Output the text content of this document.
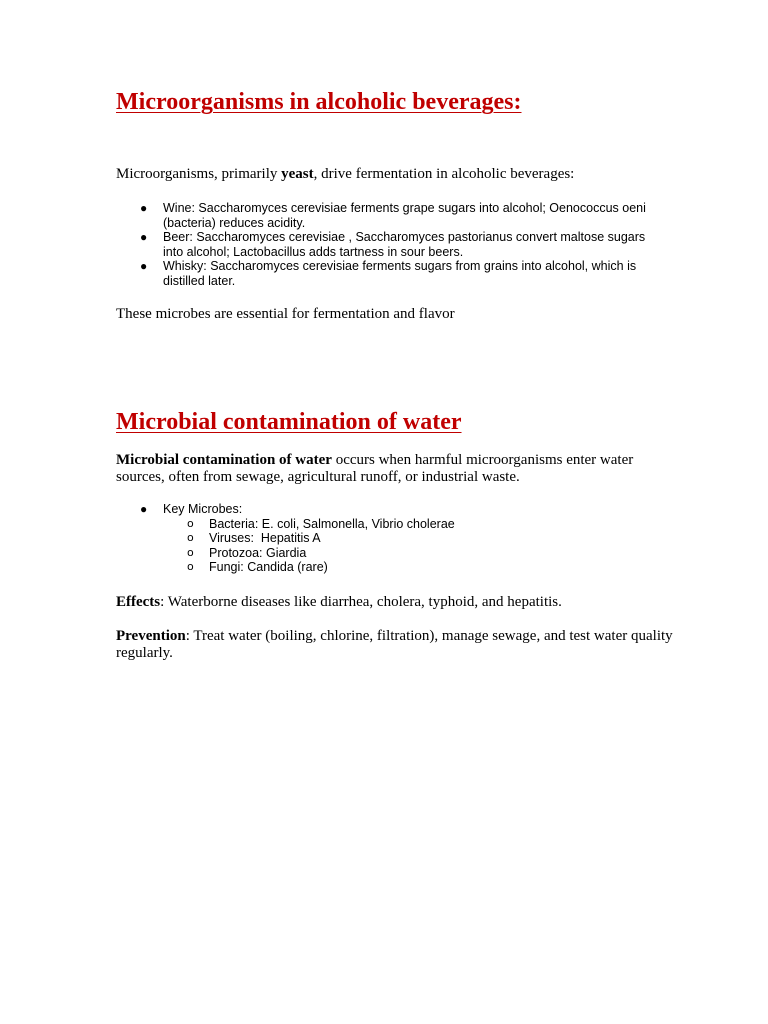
Microorganisms in alcoholic beverages:

Microorganisms, primarily yeast, drive fermentation in alcoholic beverages:

● Wine: Saccharomyces cerevisiae ferments grape sugars into alcohol; Oenococcus oeni (bacteria) reduces acidity.
● Beer: Saccharomyces cerevisiae , Saccharomyces pastorianus convert maltose sugars into alcohol; Lactobacillus adds tartness in sour beers.
● Whisky: Saccharomyces cerevisiae ferments sugars from grains into alcohol, which is distilled later.

These microbes are essential for fermentation and flavor

Microbial contamination of water

Microbial contamination of water occurs when harmful microorganisms enter water sources, often from sewage, agricultural runoff, or industrial waste.

● Key Microbes:
o Bacteria: E. coli, Salmonella, Vibrio cholerae
o Viruses:  Hepatitis A
o Protozoa: Giardia
o Fungi: Candida (rare)

Effects: Waterborne diseases like diarrhea, cholera, typhoid, and hepatitis.

Prevention: Treat water (boiling, chlorine, filtration), manage sewage, and test water quality regularly.
